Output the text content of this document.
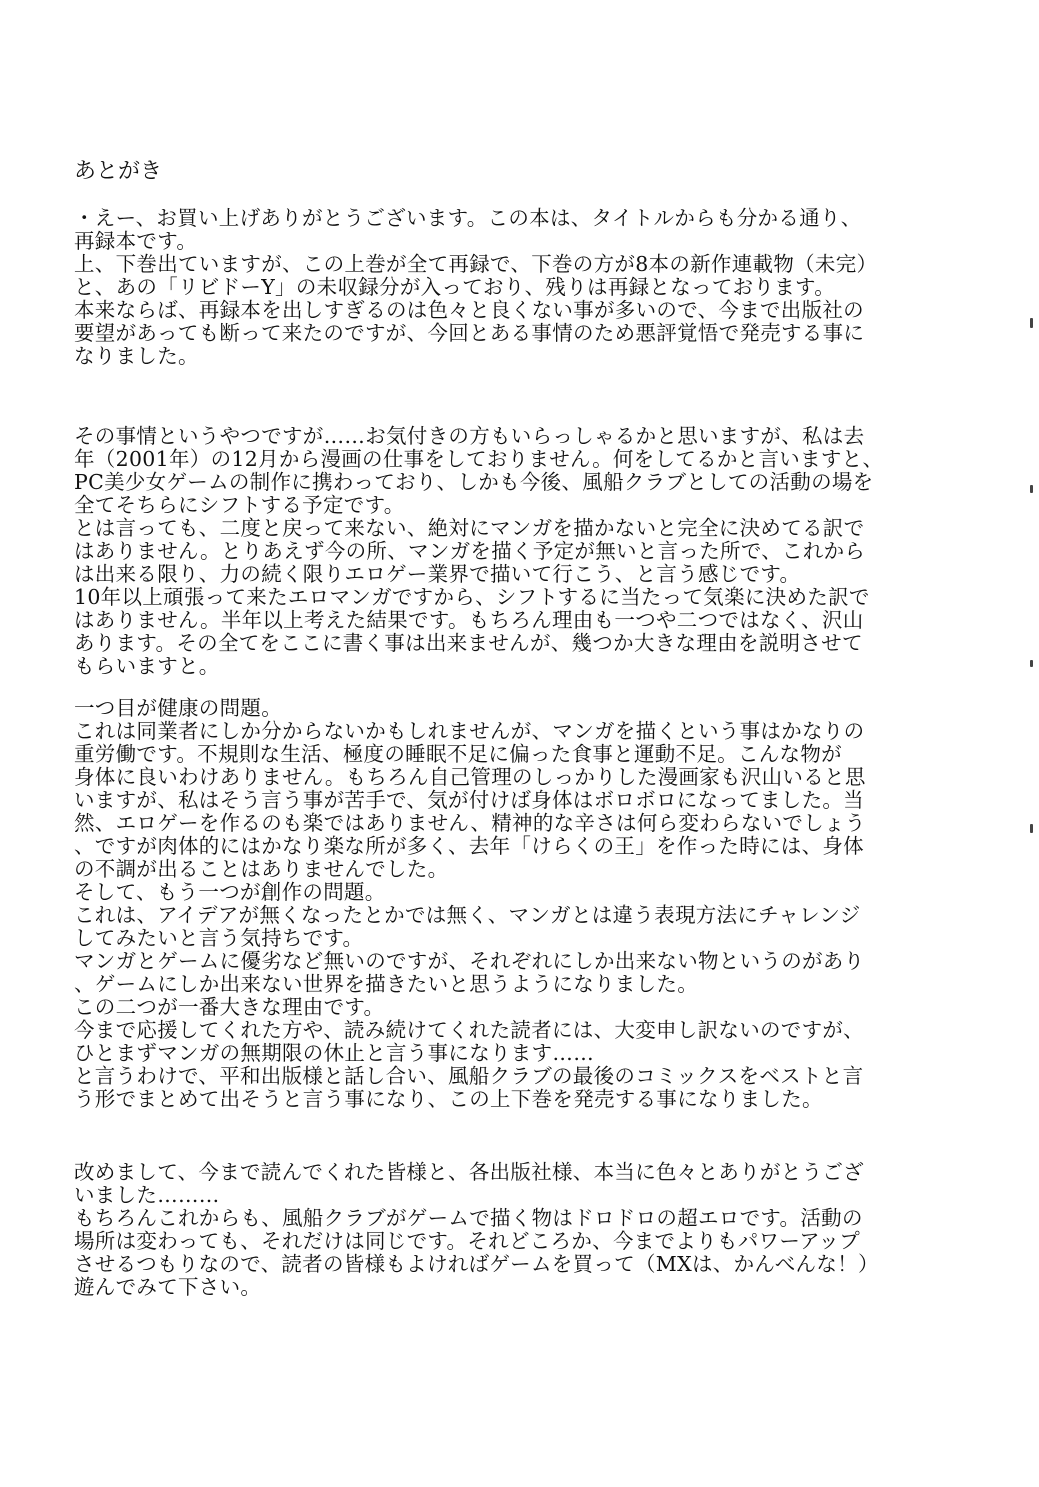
あとがき
・えー、お買い上げありがとうございます。この本は、タイトルからも分かる通り、
再録本です。
上、下巻出ていますが、この上巻が全て再録で、下巻の方が8本の新作連載物（未完）
と、あの「リビドーY」の未収録分が入っており、残りは再録となっております。
本来ならば、再録本を出しすぎるのは色々と良くない事が多いので、今まで出版社の
要望があっても断って来たのですが、今回とある事情のため悪評覚悟で発売する事に
なりました。
その事情というやつですが……お気付きの方もいらっしゃるかと思いますが、私は去
年（2001年）の12月から漫画の仕事をしておりません。何をしてるかと言いますと、
PC美少女ゲームの制作に携わっており、しかも今後、風船クラブとしての活動の場を
全てそちらにシフトする予定です。
とは言っても、二度と戻って来ない、絶対にマンガを描かないと完全に決めてる訳で
はありません。とりあえず今の所、マンガを描く予定が無いと言った所で、これから
は出来る限り、力の続く限りエロゲー業界で描いて行こう、と言う感じです。
10年以上頑張って来たエロマンガですから、シフトするに当たって気楽に決めた訳で
はありません。半年以上考えた結果です。もちろん理由も一つや二つではなく、沢山
あります。その全てをここに書く事は出来ませんが、幾つか大きな理由を説明させて
もらいますと。
一つ目が健康の問題。
これは同業者にしか分からないかもしれませんが、マンガを描くという事はかなりの
重労働です。不規則な生活、極度の睡眠不足に偏った食事と運動不足。こんな物が
身体に良いわけありません。もちろん自己管理のしっかりした漫画家も沢山いると思
いますが、私はそう言う事が苦手で、気が付けば身体はボロボロになってました。当
然、エロゲーを作るのも楽ではありません、精神的な辛さは何ら変わらないでしょう
、ですが肉体的にはかなり楽な所が多く、去年「けらくの王」を作った時には、身体
の不調が出ることはありませんでした。
そして、もう一つが創作の問題。
これは、アイデアが無くなったとかでは無く、マンガとは違う表現方法にチャレンジ
してみたいと言う気持ちです。
マンガとゲームに優劣など無いのですが、それぞれにしか出来ない物というのがあり
、ゲームにしか出来ない世界を描きたいと思うようになりました。
この二つが一番大きな理由です。
今まで応援してくれた方や、読み続けてくれた読者には、大変申し訳ないのですが、
ひとまずマンガの無期限の休止と言う事になります……
と言うわけで、平和出版様と話し合い、風船クラブの最後のコミックスをベストと言
う形でまとめて出そうと言う事になり、この上下巻を発売する事になりました。
改めまして、今まで読んでくれた皆様と、各出版社様、本当に色々とありがとうござ
いました………
もちろんこれからも、風船クラブがゲームで描く物はドロドロの超エロです。活動の
場所は変わっても、それだけは同じです。それどころか、今までよりもパワーアップ
させるつもりなので、読者の皆様もよければゲームを買って（MXは、かんべんな！）
遊んでみて下さい。
